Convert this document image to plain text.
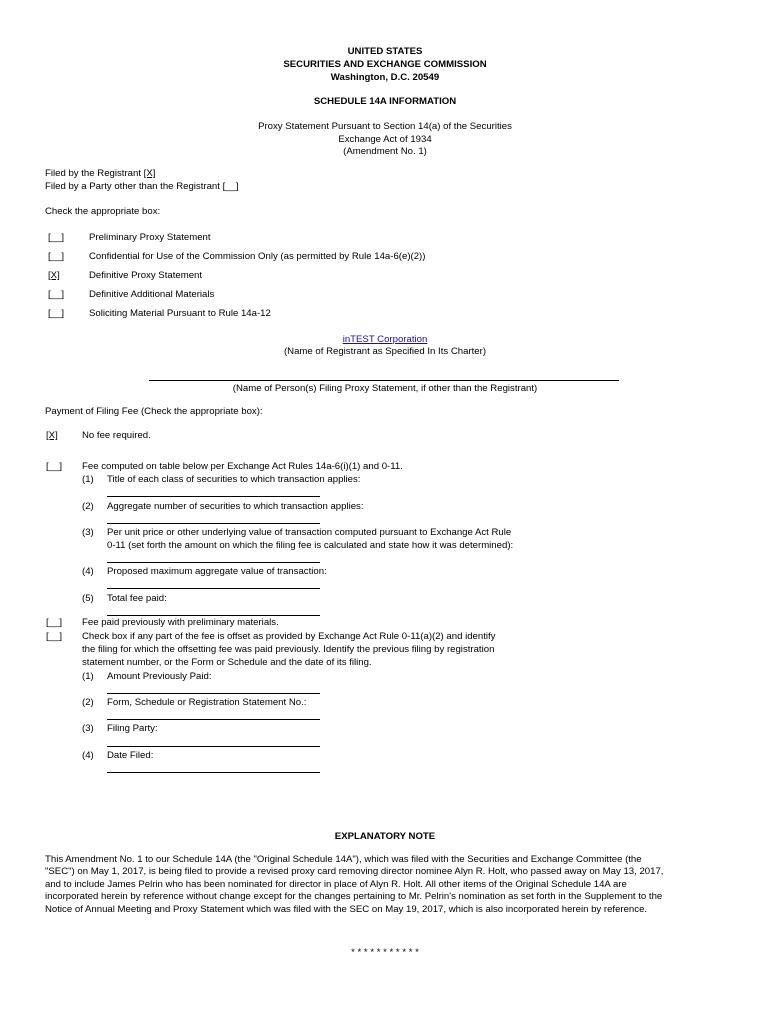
UNITED STATES
SECURITIES AND EXCHANGE COMMISSION
Washington, D.C. 20549
SCHEDULE 14A INFORMATION
Proxy Statement Pursuant to Section 14(a) of the Securities
Exchange Act of 1934
(Amendment No. 1)
Filed by the Registrant [X]
Filed by a Party other than the Registrant [__]
Check the appropriate box:
[__]	Preliminary Proxy Statement
[__]	Confidential for Use of the Commission Only (as permitted by Rule 14a-6(e)(2))
[X]	Definitive Proxy Statement
[__]	Definitive Additional Materials
[__]	Soliciting Material Pursuant to Rule 14a-12
inTEST Corporation
(Name of Registrant as Specified In Its Charter)
(Name of Person(s) Filing Proxy Statement, if other than the Registrant)
Payment of Filing Fee (Check the appropriate box):
[X]	No fee required.
[__] Fee computed on table below per Exchange Act Rules 14a-6(i)(1) and 0-11.
(1) Title of each class of securities to which transaction applies:
(2) Aggregate number of securities to which transaction applies:
(3) Per unit price or other underlying value of transaction computed pursuant to Exchange Act Rule
0-11 (set forth the amount on which the filing fee is calculated and state how it was determined):
(4) Proposed maximum aggregate value of transaction:
(5) Total fee paid:
[__] Fee paid previously with preliminary materials.
[__] Check box if any part of the fee is offset as provided by Exchange Act Rule 0-11(a)(2) and identify
the filing for which the offsetting fee was paid previously. Identify the previous filing by registration
statement number, or the Form or Schedule and the date of its filing.
(1) Amount Previously Paid:
(2) Form, Schedule or Registration Statement No.:
(3) Filing Party:
(4) Date Filed:
EXPLANATORY NOTE
This Amendment No. 1 to our Schedule 14A (the "Original Schedule 14A"), which was filed with the Securities and Exchange Committee (the
"SEC") on May 1, 2017, is being filed to provide a revised proxy card removing director nominee Alyn R. Holt, who passed away on May 13, 2017,
and to include James Pelrin who has been nominated for director in place of Alyn R. Holt. All other items of the Original Schedule 14A are
incorporated herein by reference without change except for the changes pertaining to Mr. Pelrin's nomination as set forth in the Supplement to the
Notice of Annual Meeting and Proxy Statement which was filed with the SEC on May 19, 2017, which is also incorporated herein by reference.
* * * * * * * * * * *
